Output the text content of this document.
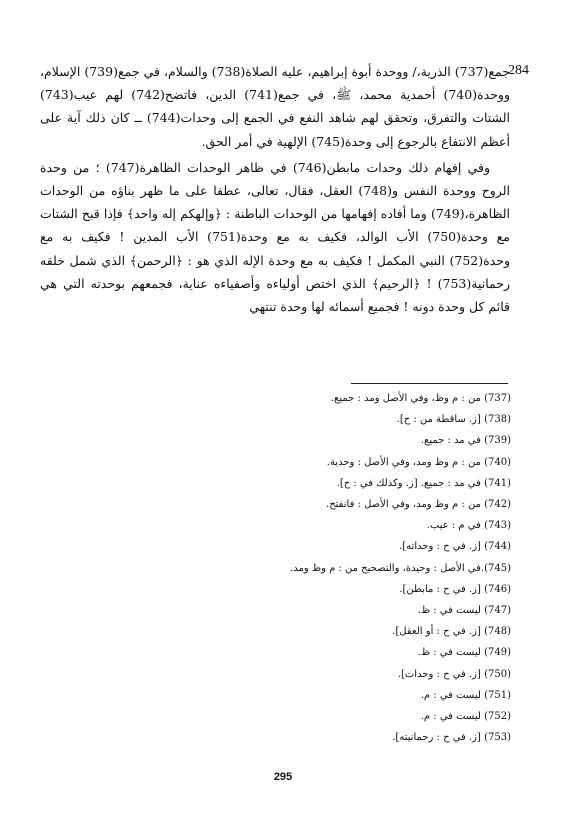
284

جمع(737) الذرية،/ ووحدة أبوة إبراهيم، عليه الصلاة(738) والسلام، في جمع(739) الإسلام، ووحدة(740) أحمدية محمد، ﷺ، في جمع(741) الدين، فاتضح(742) لهم عيب(743) الشتات والتفرق، وتحقق لهم شاهد النفع في الجمع إلى وحدات(744) ــ كان ذلك آية على أعظم الانتفاع بالرجوع إلى وحدة(745) الإلهية في أمر الحق.

وفي إفهام ذلك وحدات مابطن(746) في ظاهر الوحدات الظاهرة(747) ؛ من وحدة الروح ووحدة النفس و(748) العقل، فقال، تعالى، عطفا على ما ظهر بناؤه من الوحدات الظاهرة،(749) وما أفاده إفهامها من الوحدات الباطنة : ﴿وإلهكم إله واحد﴾ فإذا قبح الشتات مع وحدة(750) الأب الوالد، فكيف به مع وحدة(751) الأب المدين ! فكيف به مع وحدة(752) النبي المكمل ! فكيف به مع وحدة الإله الذي هو : ﴿الرحمن﴾ الذي شمل خلقه رحمانية(753) ! ﴿الرحيم﴾ الذي اختص أولياءه وأصفياءه عناية، فجمعهم بوحدته التي هي قائم كل وحدة دونه ! فجميع أسمائه لها وحدة تنتهي

(737) من : م وظ، وفي الأصل ومد : جميع.
(738) [ز. ساقطة من : ح].
(739) في مد : جميع.
(740) من : م وظ ومد، وفي الأصل : وحدية.
(741) في مد : جميع. [ز. وكذلك في : ح].
(742) من : م وظ ومد، وفي الأصل : فانفتح.
(743) في م : عيب.
(744) [ز. في ح : وحداته].
(745).في الأصل : وحيدة، والتصحيح من : م وظ ومد.
(746) [ز. في ح : مابطن].
(747) ليست في : ظ.
(748) [ز. في ح : أو العقل].
(749) ليست في : ظ.
(750) [ز. في ح : وحدات].
(751) ليست في : م.
(752) ليست في : م.
(753) [ز. في ح : رحمانيته].
295
